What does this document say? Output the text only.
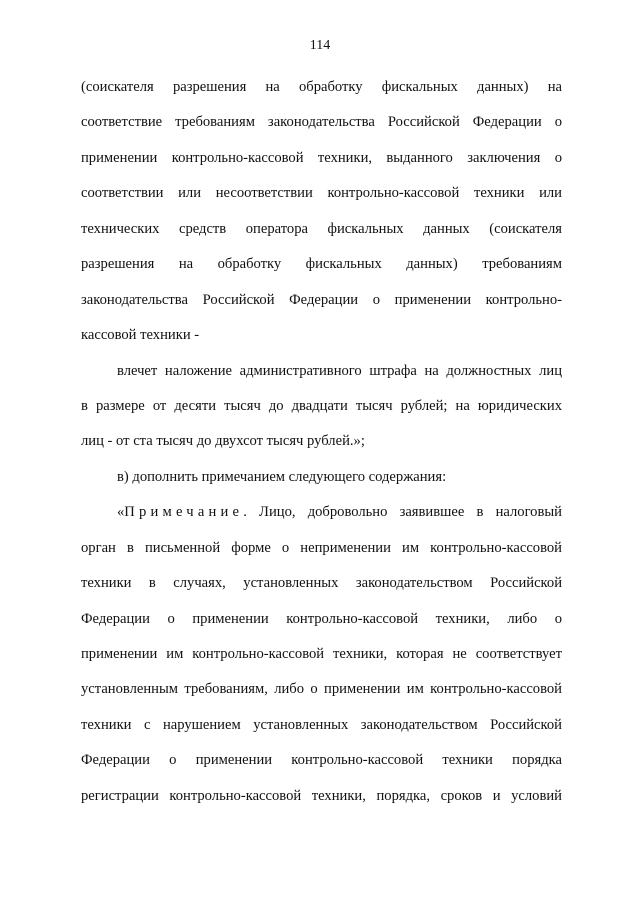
114
(соискателя разрешения на обработку фискальных данных) на
соответствие требованиям законодательства Российской Федерации о
применении контрольно-кассовой техники, выданного заключения о
соответствии или несоответствии контрольно-кассовой техники или
технических средств оператора фискальных данных (соискателя
разрешения на обработку фискальных данных) требованиям
законодательства Российской Федерации о применении контрольно-
кассовой техники -
влечет наложение административного штрафа на должностных лиц
в размере от десяти тысяч до двадцати тысяч рублей; на юридических
лиц - от ста тысяч до двухсот тысяч рублей.»;
в) дополнить примечанием следующего содержания:
«Примечание. Лицо, добровольно заявившее в налоговый
орган в письменной форме о неприменении им контрольно-кассовой
техники в случаях, установленных законодательством Российской
Федерации о применении контрольно-кассовой техники, либо о
применении им контрольно-кассовой техники, которая не соответствует
установленным требованиям, либо о применении им контрольно-кассовой
техники с нарушением установленных законодательством Российской
Федерации о применении контрольно-кассовой техники порядка
регистрации контрольно-кассовой техники, порядка, сроков и условий
